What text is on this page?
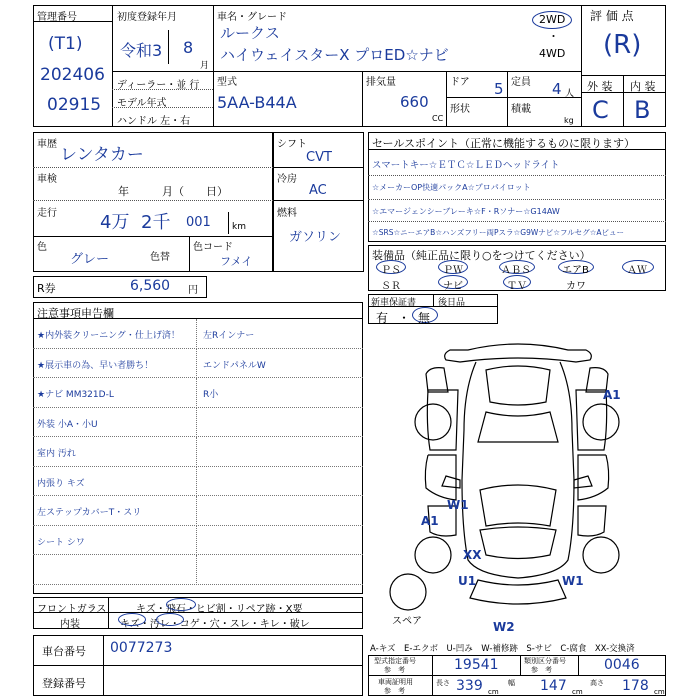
管理番号
(T1)
202406
02915
初度登録年月
令和3 8
月
車名・グレード
ルークス
ハイウェイスターX プロED☆ナビ
2WD
・
4WD
評 価 点
(R)
ディーラー・並 行
モデル年式
ハンドル 左・右
型式
5AA-B44A
排気量
660
CC
ドア 5
形状
定員 4 人
積載
kg
外 装 内 装
C B
車歴
レンタカー
車検
年　　　月（　　日）
走行 4万 2千 001 km
色
グレー	色替
色コード
フメイ
シフト
CVT
冷房
AC
燃料
ガソリン
R券	6,560 円
セールスポイント（正常に機能するものに限ります）
スマートキー☆ＥＴＣ☆ＬＥＤヘッドライト
☆メーカーOP快適パックA☆プロパイロット
☆エマージェンシーブレーキ☆F・Rソナー☆G14AW
☆SRS☆ニーエアB☆ハンズフリー両Pスラ☆G9Wナビ☆フルセグ☆Aビュー
装備品（純正品に限り○をつけてください）
ＰＳ	ＰＷ	ＡＢＳ	エアB	ＡＷ
ＳＲ	ナビ	ＴＶ	カワ
新車保証書 後日品
有 ・ 無
注意事項申告欄
★内外装クリーニング・仕上げ済！	左Rインナー
★展示車の為、早い者勝ち！	エンドパネルW
★ナビ MM321D-L	R小
外装 小A・小U
室内 汚れ
内張り キズ
左ステップカバーT・スリ
シート シワ
A1
W1
A1
XX
U1	W1
W2
スペア
フロントガラス	キズ・飛石・ヒビ割・リペア跡・X要
内装	キズ・汚レ・コゲ・穴・スレ・キレ・破レ
車台番号 0077273
登録番号
A-キズ　E-エクボ　U-凹み　W-補修跡　S-サビ　C-腐食　XX-交換済
型式指定番号
参　考	19541	類別区分番号
参　考	0046
車両証明用
参　考
長さ 339 cm
幅 147 cm
高さ 178 cm
